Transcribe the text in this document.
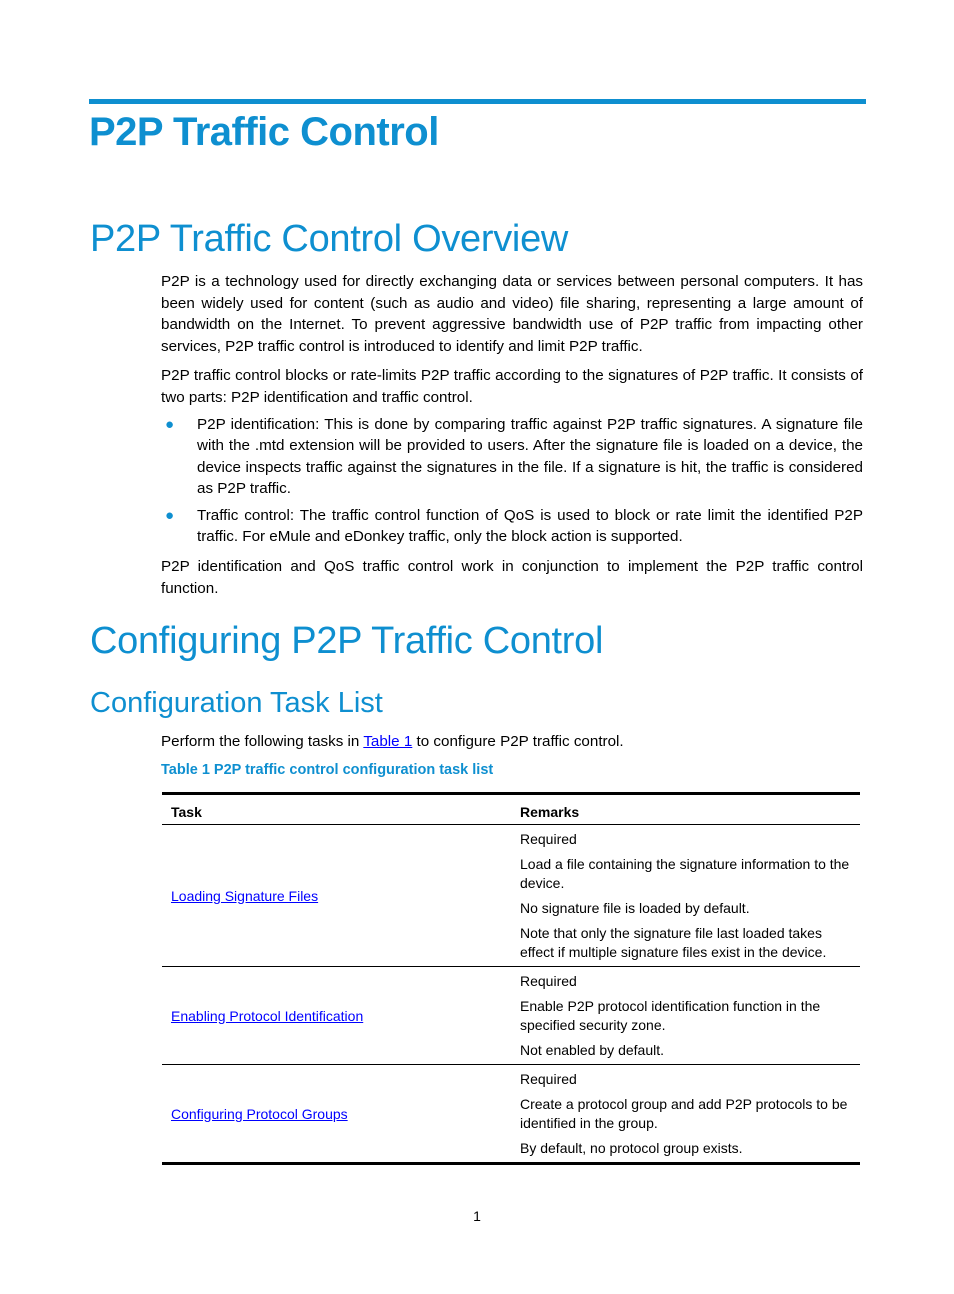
P2P Traffic Control
P2P Traffic Control Overview

P2P is a technology used for directly exchanging data or services between personal computers. It has been widely used for content (such as audio and video) file sharing, representing a large amount of bandwidth on the Internet. To prevent aggressive bandwidth use of P2P traffic from impacting other services, P2P traffic control is introduced to identify and limit P2P traffic.

P2P traffic control blocks or rate-limits P2P traffic according to the signatures of P2P traffic. It consists of two parts: P2P identification and traffic control.

● P2P identification: This is done by comparing traffic against P2P traffic signatures. A signature file with the .mtd extension will be provided to users. After the signature file is loaded on a device, the device inspects traffic against the signatures in the file. If a signature is hit, the traffic is considered as P2P traffic.
● Traffic control: The traffic control function of QoS is used to block or rate limit the identified P2P traffic. For eMule and eDonkey traffic, only the block action is supported.

P2P identification and QoS traffic control work in conjunction to implement the P2P traffic control function.

Configuring P2P Traffic Control
Configuration Task List

Perform the following tasks in Table 1 to configure P2P traffic control.

Table 1 P2P traffic control configuration task list

Task	Remarks
Loading Signature Files	Required

Load a file containing the signature information to the device.

No signature file is loaded by default.

Note that only the signature file last loaded takes effect if multiple signature files exist in the device.

Enabling Protocol Identification	Required

Enable P2P protocol identification function in the specified security zone.

Not enabled by default.

Configuring Protocol Groups	Required

Create a protocol group and add P2P protocols to be identified in the group.

By default, no protocol group exists.

1
